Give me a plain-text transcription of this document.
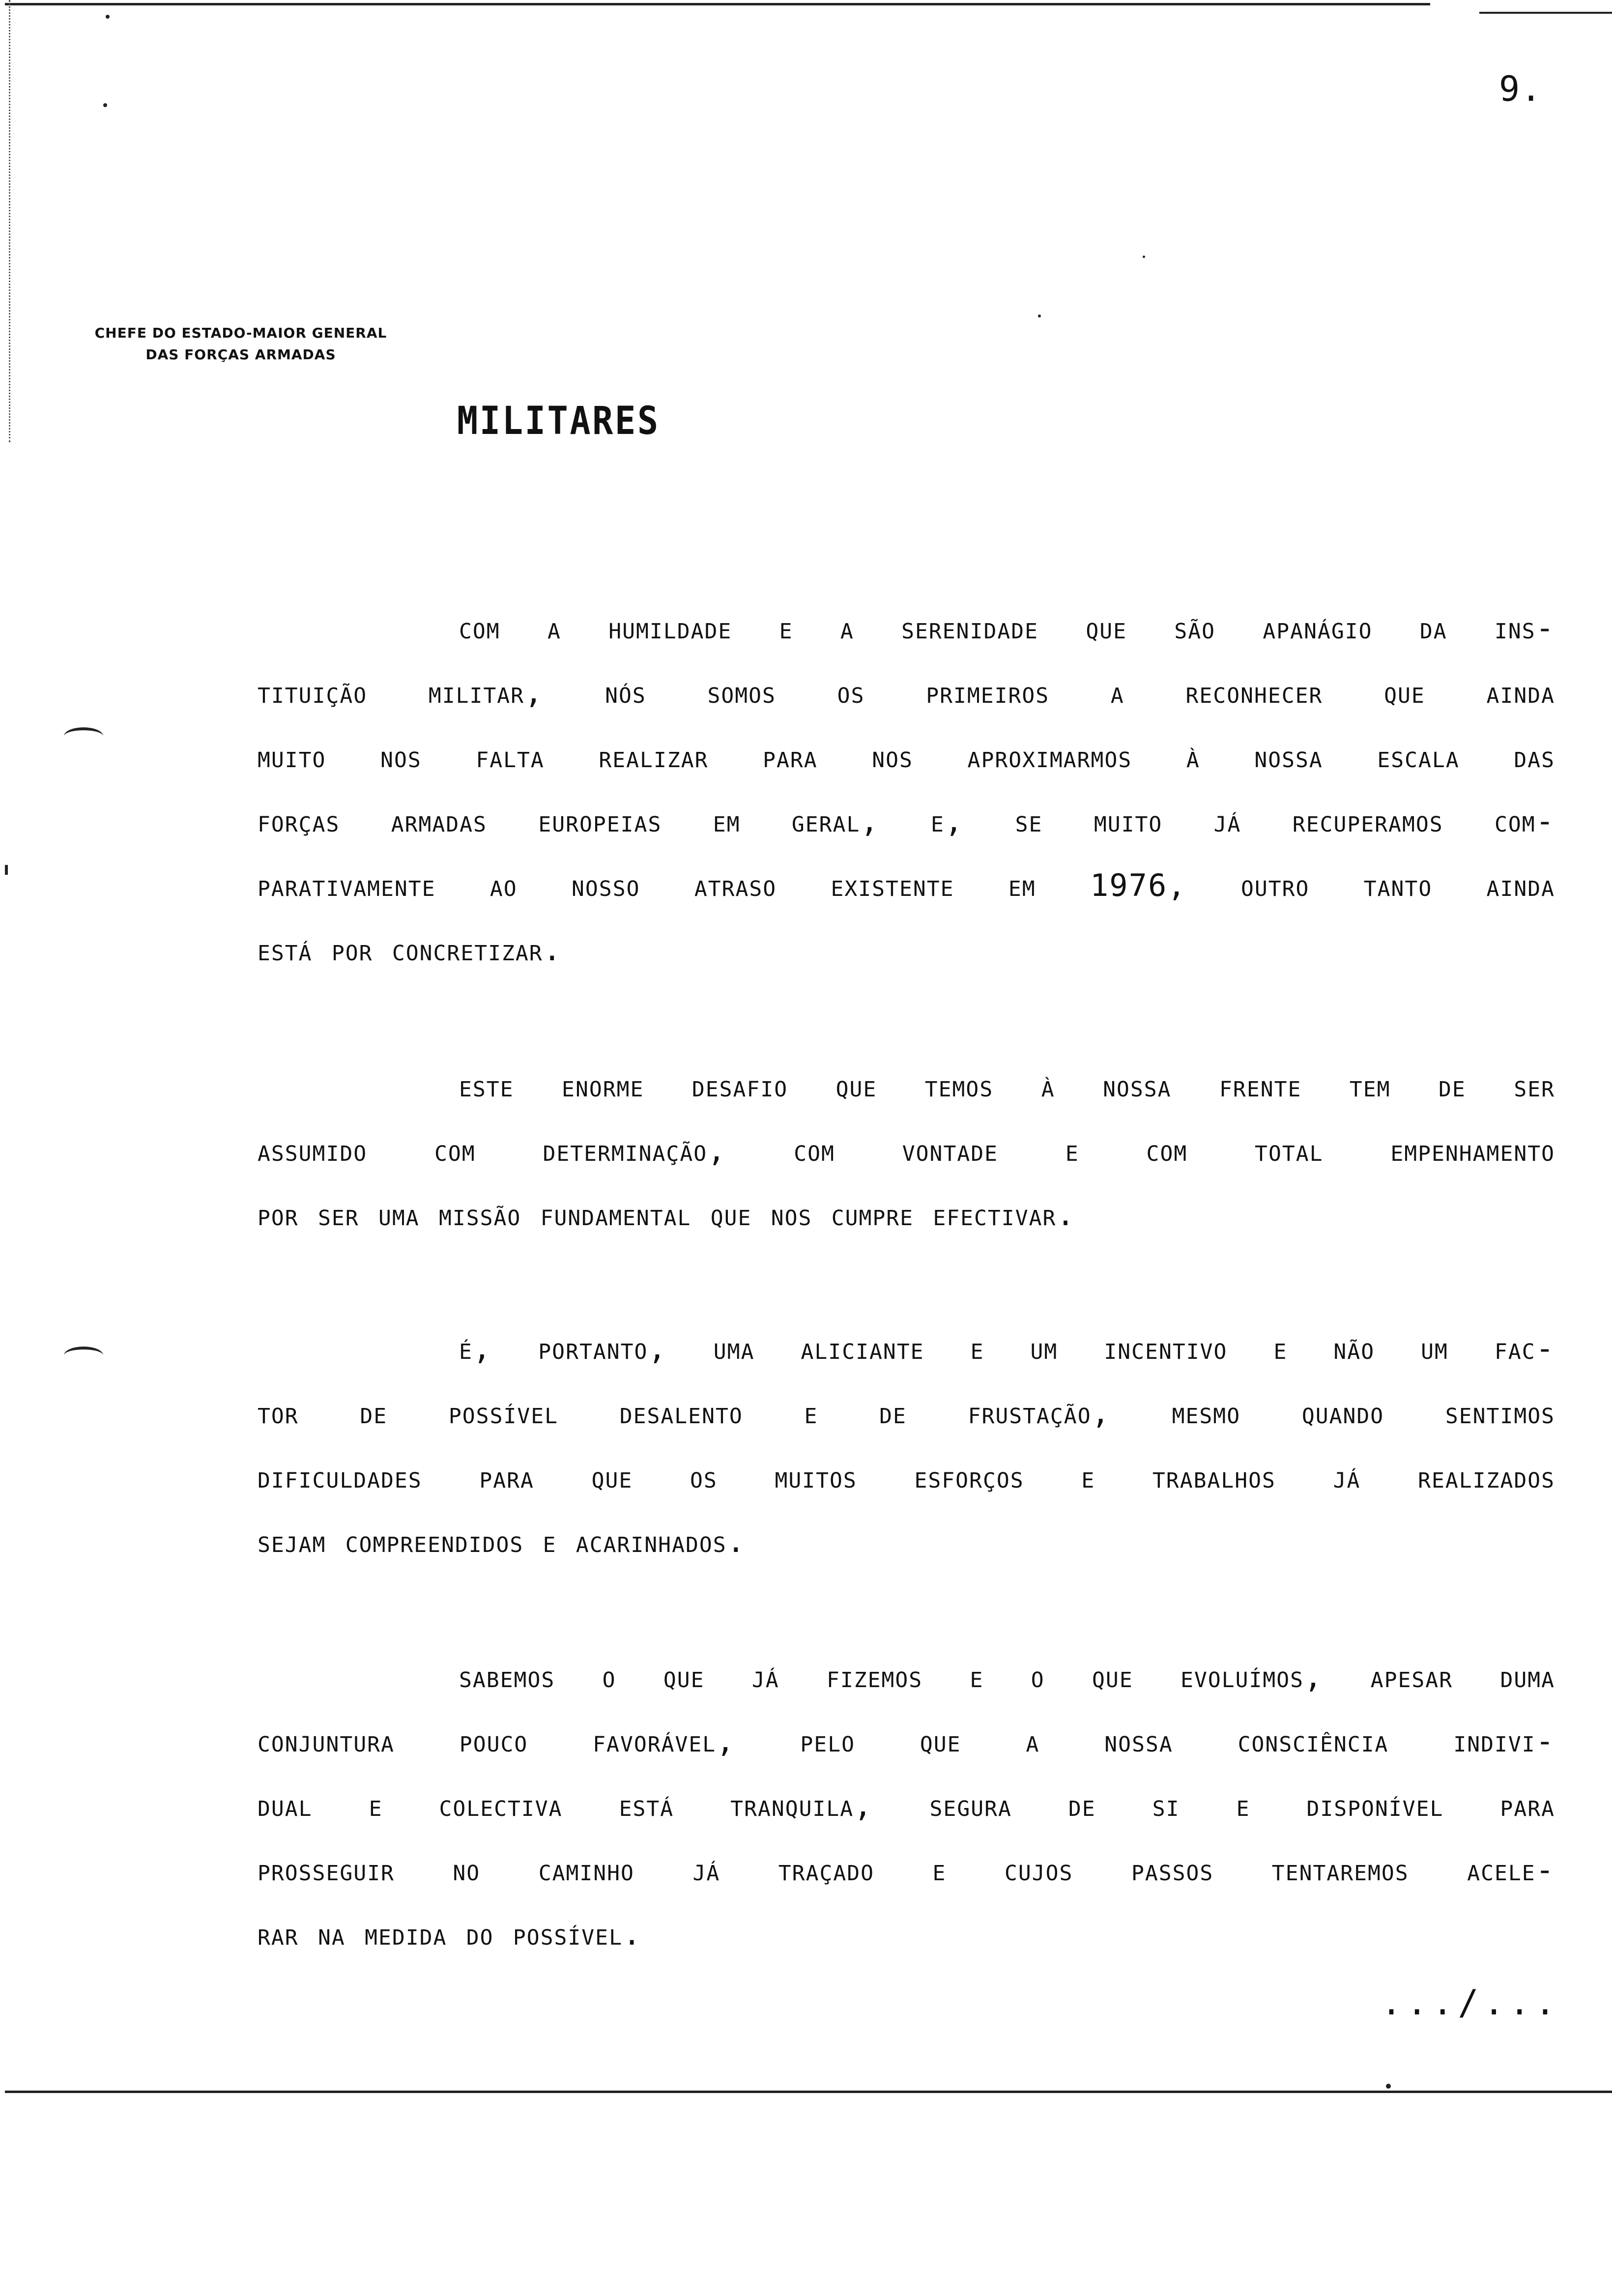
9.
CHEFE DO ESTADO-MAIOR GENERAL
DAS FORÇAS ARMADAS
MILITARES
com a humildade e a serenidade que são apanágio da ins-
tituição militar, nós somos os primeiros a reconhecer que ainda
muito nos falta realizar para nos aproximarmos à nossa escala das
forças armadas europeias em geral, e, se muito já recuperamos com-
parativamente ao nosso atraso existente em 1976, outro tanto ainda
está por concretizar.
este enorme desafio que temos à nossa frente tem de ser
assumido com determinação, com vontade e com total empenhamento
por ser uma missão fundamental que nos cumpre efectivar.
é, portanto, uma aliciante e um incentivo e não um fac-
tor de possível desalento e de frustação, mesmo quando sentimos
dificuldades para que os muitos esforços e trabalhos já realizados
sejam compreendidos e acarinhados.
sabemos o que já fizemos e o que evoluímos, apesar duma
conjuntura pouco favorável, pelo que a nossa consciência indivi-
dual e colectiva está tranquila, segura de si e disponível para
prosseguir no caminho já traçado e cujos passos tentaremos acele-
rar na medida do possível.
.../...
